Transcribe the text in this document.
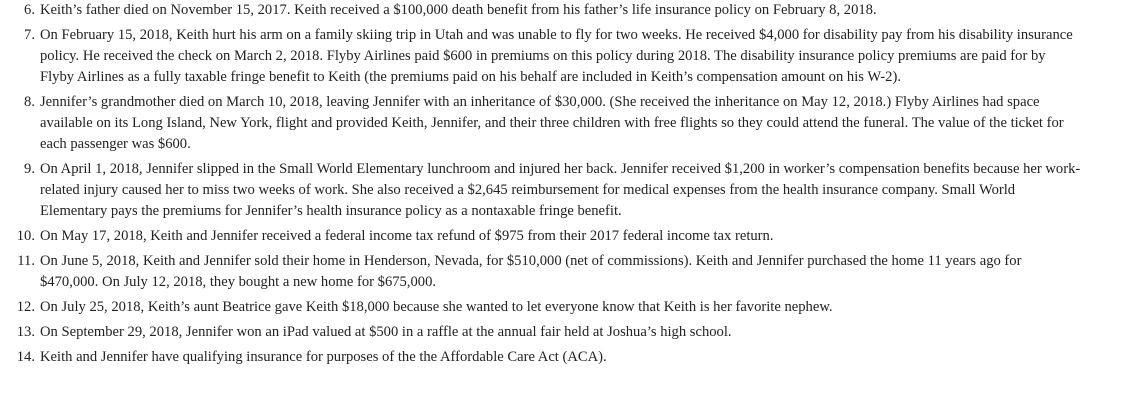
6. Keith’s father died on November 15, 2017. Keith received a $100,000 death benefit from his father’s life insurance policy on February 8, 2018.

7. On February 15, 2018, Keith hurt his arm on a family skiing trip in Utah and was unable to fly for two weeks. He received $4,000 for disability pay from his disability insurance policy. He received the check on March 2, 2018. Flyby Airlines paid $600 in premiums on this policy during 2018. The disability insurance policy premiums are paid for by Flyby Airlines as a fully taxable fringe benefit to Keith (the premiums paid on his behalf are included in Keith’s compensation amount on his W-2).

8. Jennifer’s grandmother died on March 10, 2018, leaving Jennifer with an inheritance of $30,000. (She received the inheritance on May 12, 2018.) Flyby Airlines had space available on its Long Island, New York, flight and provided Keith, Jennifer, and their three children with free flights so they could attend the funeral. The value of the ticket for each passenger was $600.

9. On April 1, 2018, Jennifer slipped in the Small World Elementary lunchroom and injured her back. Jennifer received $1,200 in worker’s compensation benefits because her work-related injury caused her to miss two weeks of work. She also received a $2,645 reimbursement for medical expenses from the health insurance company. Small World Elementary pays the premiums for Jennifer’s health insurance policy as a nontaxable fringe benefit.

10. On May 17, 2018, Keith and Jennifer received a federal income tax refund of $975 from their 2017 federal income tax return.

11. On June 5, 2018, Keith and Jennifer sold their home in Henderson, Nevada, for $510,000 (net of commissions). Keith and Jennifer purchased the home 11 years ago for $470,000. On July 12, 2018, they bought a new home for $675,000.

12. On July 25, 2018, Keith’s aunt Beatrice gave Keith $18,000 because she wanted to let everyone know that Keith is her favorite nephew.

13. On September 29, 2018, Jennifer won an iPad valued at $500 in a raffle at the annual fair held at Joshua’s high school.

14. Keith and Jennifer have qualifying insurance for purposes of the the Affordable Care Act (ACA).
